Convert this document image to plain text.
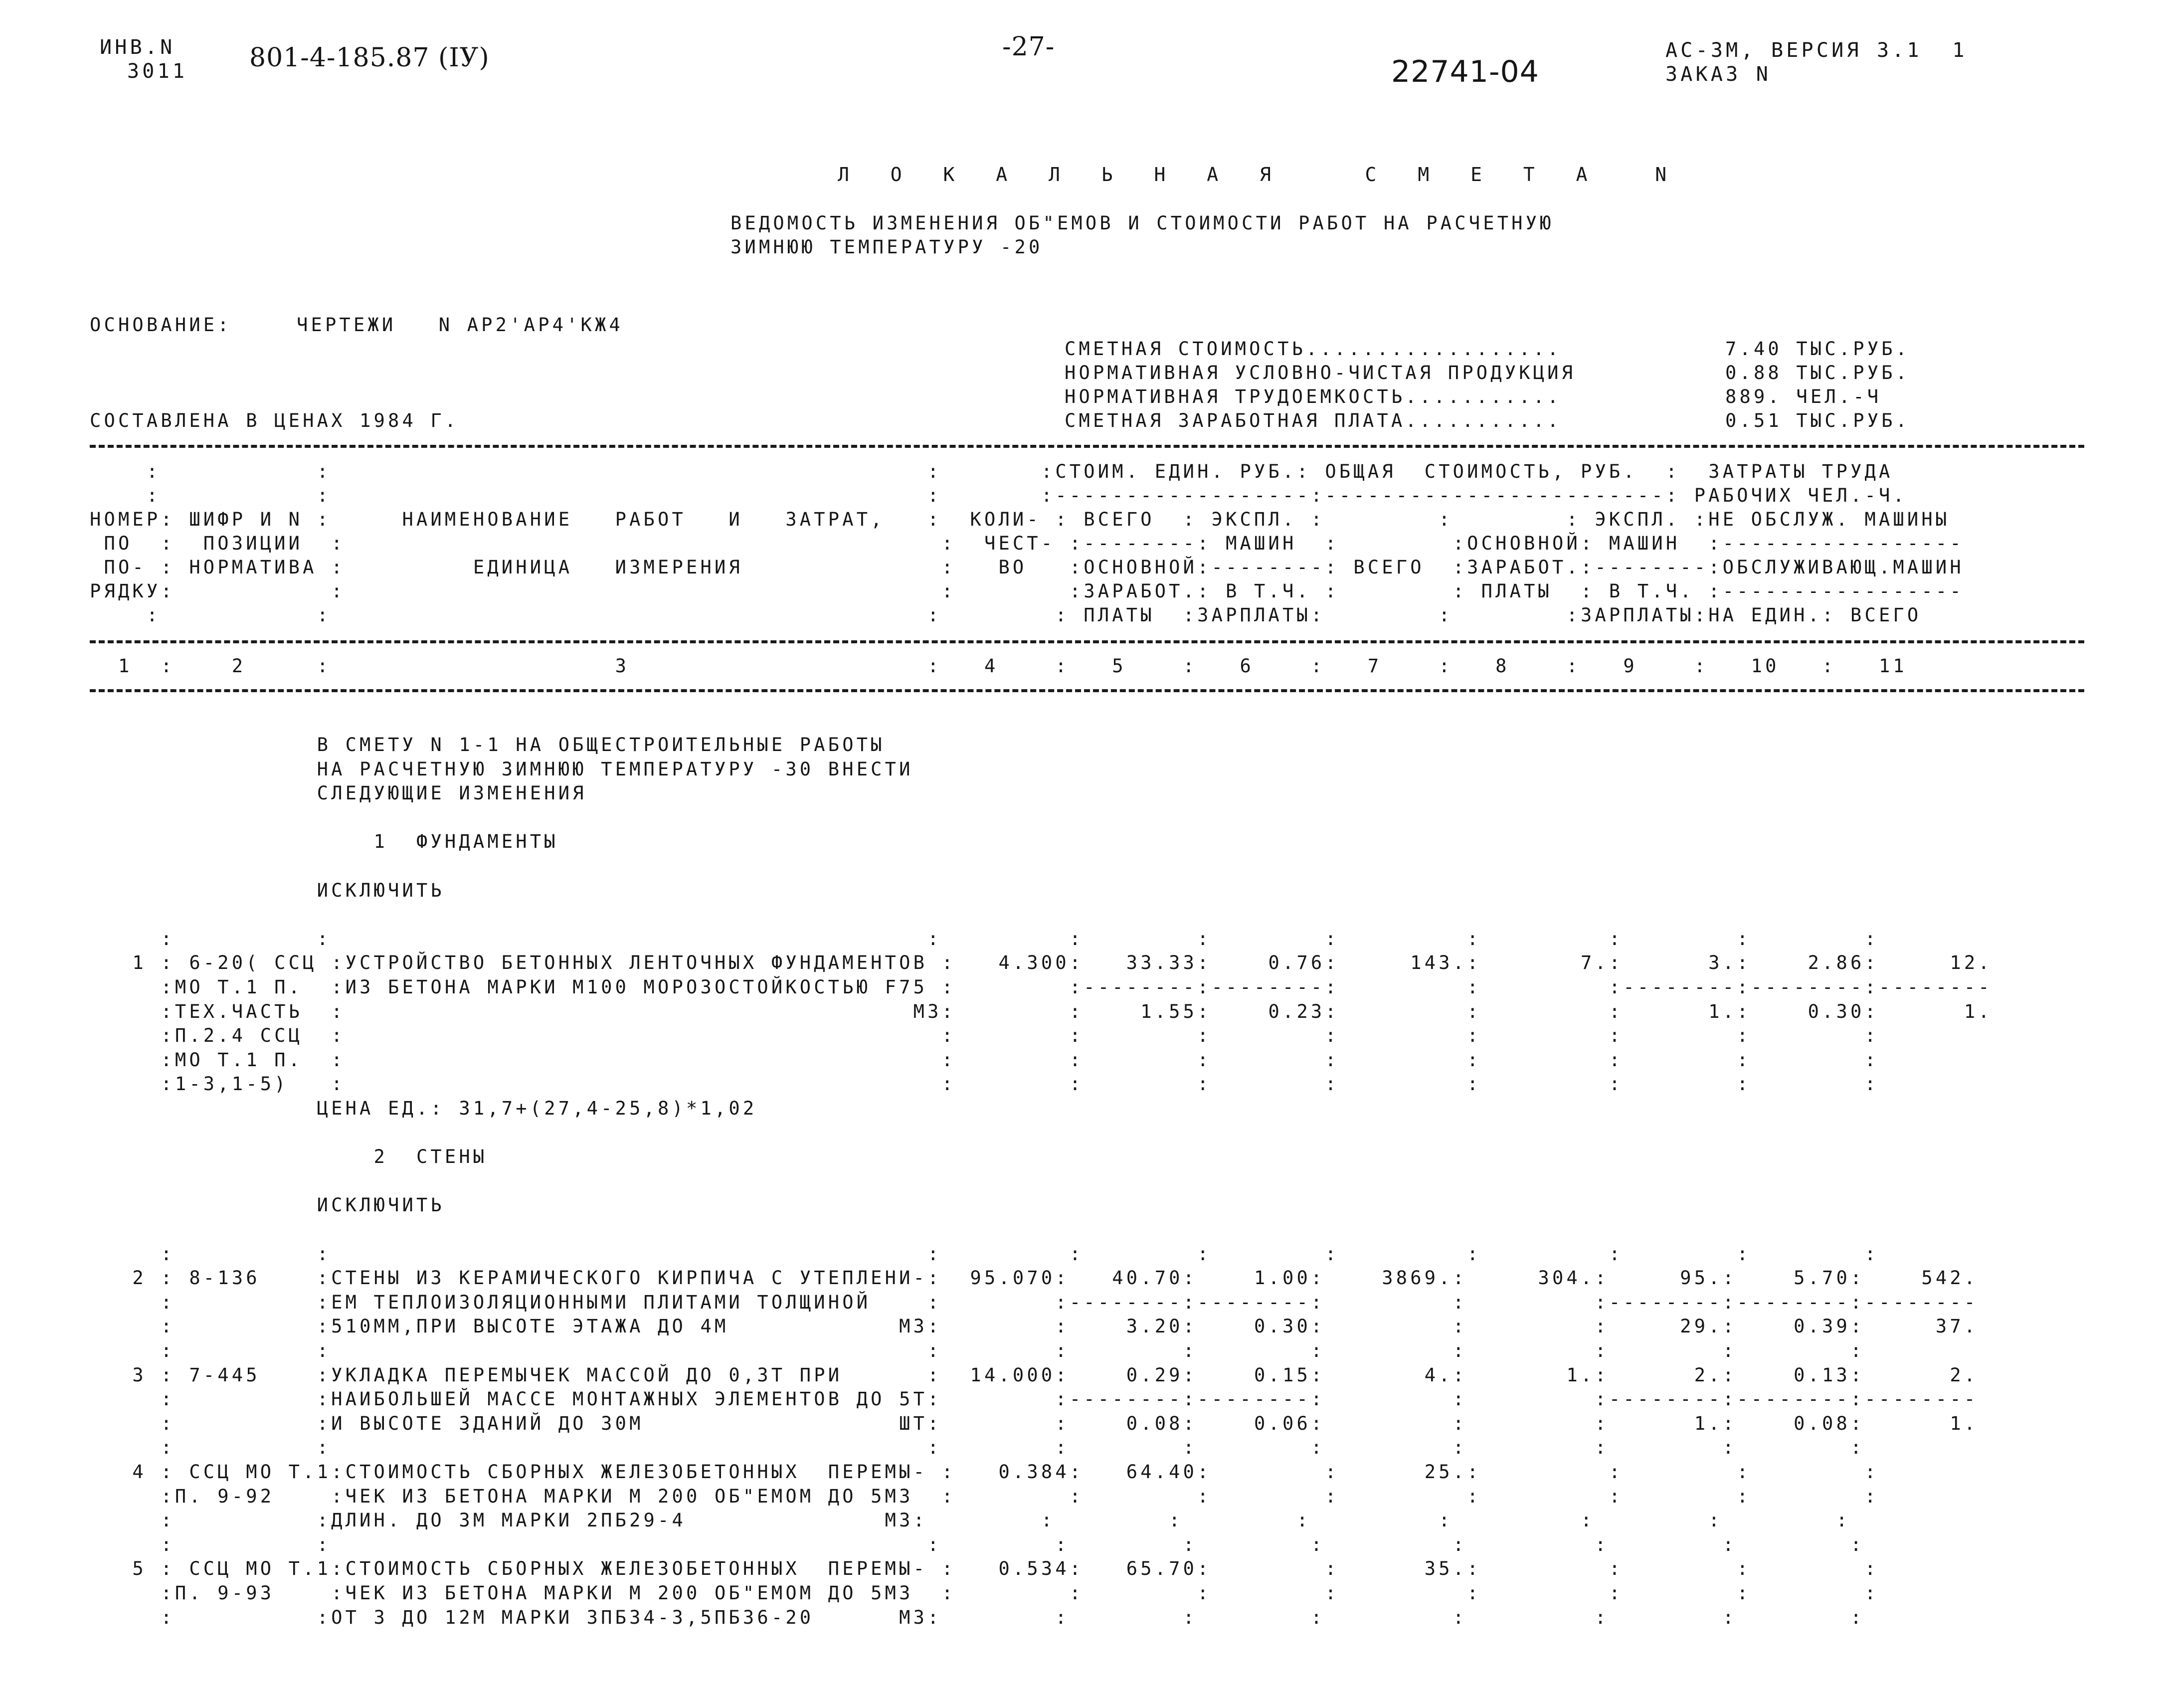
ИНВ.N
3011 801-4-185.87 (IУ)	-27-
22741-04
АС-3М, ВЕРСИЯ 3.1  1
ЗАКАЗ N
Л О К А Л Ь Н А Я   С М Е Т А  N
ВЕДОМОСТЬ ИЗМЕНЕНИЯ ОБ"ЕМОВ И СТОИМОСТИ РАБОТ НА РАСЧЕТНУЮ
ЗИМНЮЮ ТЕМПЕРАТУРУ -20
ОСНОВАНИЕ:	ЧЕРТЕЖИ   N АР2'АР4'КЖ4
СМЕТНАЯ СТОИМОСТЬ..................	7.40 ТЫС.РУБ.
НОРМАТИВНАЯ УСЛОВНО-ЧИСТАЯ ПРОДУКЦИЯ	0.88 ТЫС.РУБ.
НОРМАТИВНАЯ ТРУДОЕМКОСТЬ...........	889. ЧЕЛ.-Ч
СМЕТНАЯ ЗАРАБОТНАЯ ПЛАТА...........	0.51 ТЫС.РУБ.
СОСТАВЛЕНА В ЦЕНАХ 1984 Г.
:           :                                          :       :СТОИМ. ЕДИН. РУБ.: ОБЩАЯ  СТОИМОСТЬ, РУБ.  :  ЗАТРАТЫ ТРУДА
:           :                                          :       :------------------:------------------------: РАБОЧИХ ЧЕЛ.-Ч.
НОМЕР: ШИФР И N :     НАИМЕНОВАНИЕ   РАБОТ   И   ЗАТРАТ,   :  КОЛИ- : ВСЕГО  : ЭКСПЛ. :        :        : ЭКСПЛ. :НЕ ОБСЛУЖ. МАШИНЫ
ПО  :  ПОЗИЦИИ  :                                          :  ЧЕСТ- :--------: МАШИН  :        :ОСНОВНОЙ: МАШИН  :-----------------
ПО- : НОРМАТИВА :         ЕДИНИЦА   ИЗМЕРЕНИЯ              :   ВО   :ОСНОВНОЙ:--------: ВСЕГО  :ЗАРАБОТ.:--------:ОБСЛУЖИВАЮЩ.МАШИН
РЯДКУ:           :                                          :        :ЗАРАБОТ.: В Т.Ч. :        : ПЛАТЫ  : В Т.Ч. :-----------------
:           :                                          :        : ПЛАТЫ  :ЗАРПЛАТЫ:        :        :ЗАРПЛАТЫ:НА ЕДИН.: ВСЕГО
1  :    2     :                    3                     :   4    :   5    :   6    :   7    :   8    :   9    :   10   :   11
В СМЕТУ N 1-1 НА ОБЩЕСТРОИТЕЛЬНЫЕ РАБОТЫ
НА РАСЧЕТНУЮ ЗИМНЮЮ ТЕМПЕРАТУРУ -30 ВНЕСТИ
СЛЕДУЮЩИЕ ИЗМЕНЕНИЯ
1  ФУНДАМЕНТЫ
ИСКЛЮЧИТЬ
:          :                                          :         :        :        :         :         :        :        :
1 : 6-20( ССЦ :УСТРОЙСТВО БЕТОННЫХ ЛЕНТОЧНЫХ ФУНДАМЕНТОВ :   4.300:   33.33:    0.76:     143.:       7.:      3.:    2.86:     12.
:МО Т.1 П.  :ИЗ БЕТОНА МАРКИ М100 МОРОЗОСТОЙКОСТЬЮ F75 :        :--------:--------:         :         :--------:--------:--------
:ТЕХ.ЧАСТЬ  :                                        М3:        :    1.55:    0.23:         :         :      1.:    0.30:      1.
:П.2.4 ССЦ  :                                          :        :        :        :         :         :        :        :
:МО Т.1 П.  :                                          :        :        :        :         :         :        :        :
:1-3,1-5)   :                                          :        :        :        :         :         :        :        :
ЦЕНА ЕД.: 31,7+(27,4-25,8)*1,02
2  СТЕНЫ
ИСКЛЮЧИТЬ
:          :                                          :         :        :        :         :         :        :        :
2 : 8-136    :СТЕНЫ ИЗ КЕРАМИЧЕСКОГО КИРПИЧА С УТЕПЛЕНИ-:  95.070:   40.70:    1.00:    3869.:     304.:     95.:    5.70:    542.
:          :ЕМ ТЕПЛОИЗОЛЯЦИОННЫМИ ПЛИТАМИ ТОЛЩИНОЙ    :        :--------:--------:         :         :--------:--------:--------
:          :510ММ,ПРИ ВЫСОТЕ ЭТАЖА ДО 4М            М3:        :    3.20:    0.30:         :         :     29.:    0.39:     37.
:          :                                          :        :        :        :         :         :        :        :
3 : 7-445    :УКЛАДКА ПЕРЕМЫЧЕК МАССОЙ ДО 0,3Т ПРИ      :  14.000:    0.29:    0.15:       4.:       1.:      2.:    0.13:      2.
:          :НАИБОЛЬШЕЙ МАССЕ МОНТАЖНЫХ ЭЛЕМЕНТОВ ДО 5Т:        :--------:--------:         :         :--------:--------:--------
:          :И ВЫСОТЕ ЗДАНИЙ ДО 30М                  ШТ:        :    0.08:    0.06:         :         :      1.:    0.08:      1.
:          :                                          :        :        :        :         :         :        :        :
4 : ССЦ МО Т.1:СТОИМОСТЬ СБОРНЫХ ЖЕЛЕЗОБЕТОННЫХ  ПЕРЕМЫ- :   0.384:   64.40:        :      25.:         :        :        :
:П. 9-92    :ЧЕК ИЗ БЕТОНА МАРКИ М 200 ОБ"ЕМОМ ДО 5М3  :        :        :        :         :         :        :        :
:          :ДЛИН. ДО 3М МАРКИ 2ПБ29-4              М3:        :        :        :         :         :        :        :
:          :                                          :        :        :        :         :         :        :        :
5 : ССЦ МО Т.1:СТОИМОСТЬ СБОРНЫХ ЖЕЛЕЗОБЕТОННЫХ  ПЕРЕМЫ- :   0.534:   65.70:        :      35.:         :        :        :
:П. 9-93    :ЧЕК ИЗ БЕТОНА МАРКИ М 200 ОБ"ЕМОМ ДО 5М3  :        :        :        :         :         :        :        :
:          :ОТ 3 ДО 12М МАРКИ 3ПБ34-3,5ПБ36-20      М3:        :        :        :         :         :        :        :
